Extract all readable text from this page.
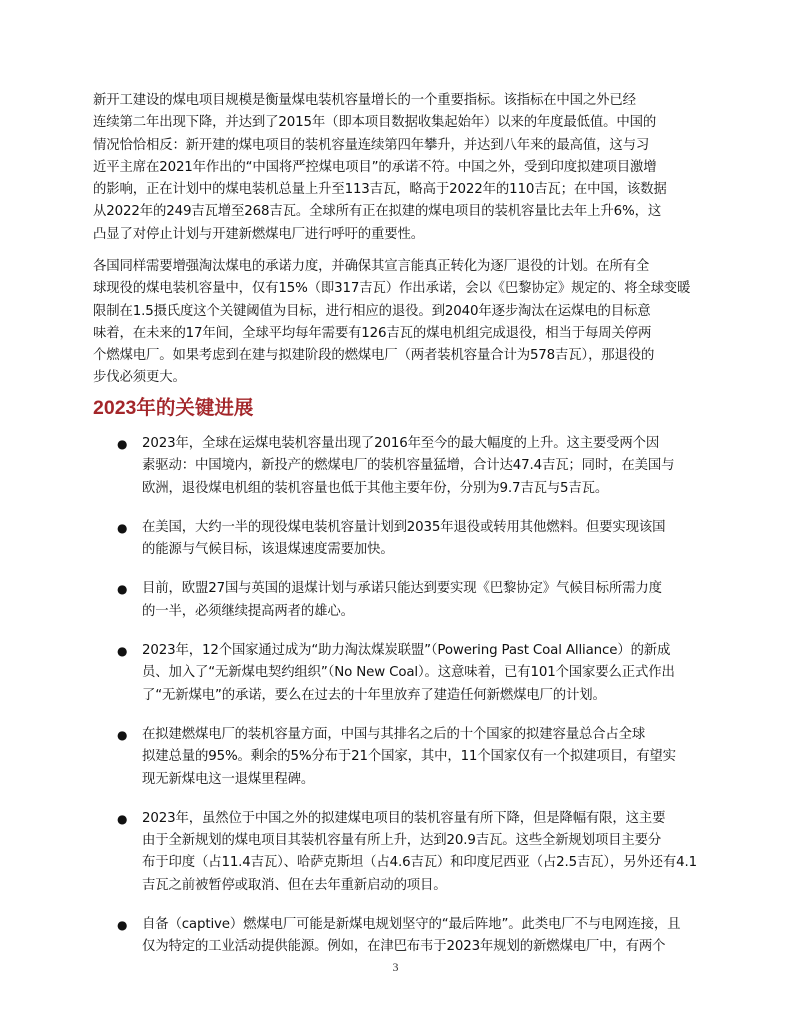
新开工建设的煤电项目规模是衡量煤电装机容量增长的一个重要指标。该指标在中国之外已经
连续第二年出现下降，并达到了2015年（即本项目数据收集起始年）以来的年度最低值。中国的
情况恰恰相反：新开建的煤电项目的装机容量连续第四年攀升，并达到八年来的最高值，这与习
近平主席在2021年作出的“中国将严控煤电项目”的承诺不符。中国之外，受到印度拟建项目激增
的影响，正在计划中的煤电装机总量上升至113吉瓦，略高于2022年的110吉瓦；在中国，该数据
从2022年的249吉瓦增至268吉瓦。全球所有正在拟建的煤电项目的装机容量比去年上升6%，这
凸显了对停止计划与开建新燃煤电厂进行呼吁的重要性。

各国同样需要增强淘汰煤电的承诺力度，并确保其宣言能真正转化为逐厂退役的计划。在所有全
球现役的煤电装机容量中，仅有15%（即317吉瓦）作出承诺，会以《巴黎协定》规定的、将全球变暖
限制在1.5摄氏度这个关键阈值为目标，进行相应的退役。到2040年逐步淘汰在运煤电的目标意
味着，在未来的17年间，全球平均每年需要有126吉瓦的煤电机组完成退役，相当于每周关停两
个燃煤电厂。如果考虑到在建与拟建阶段的燃煤电厂（两者装机容量合计为578吉瓦），那退役的
步伐必须更大。

2023年的关键进展
● 2023年，全球在运煤电装机容量出现了2016年至今的最大幅度的上升。这主要受两个因
素驱动：中国境内，新投产的燃煤电厂的装机容量猛增，合计达47.4吉瓦；同时，在美国与
欧洲，退役煤电机组的装机容量也低于其他主要年份，分别为9.7吉瓦与5吉瓦。
● 在美国，大约一半的现役煤电装机容量计划到2035年退役或转用其他燃料。但要实现该国
的能源与气候目标，该退煤速度需要加快。
● 目前，欧盟27国与英国的退煤计划与承诺只能达到要实现《巴黎协定》气候目标所需力度
的一半，必须继续提高两者的雄心。
● 2023年，12个国家通过成为“助力淘汰煤炭联盟”（Powering Past Coal Alliance）的新成
员、加入了“无新煤电契约组织”（No New Coal）。这意味着，已有101个国家要么正式作出
了“无新煤电”的承诺，要么在过去的十年里放弃了建造任何新燃煤电厂的计划。
● 在拟建燃煤电厂的装机容量方面，中国与其排名之后的十个国家的拟建容量总合占全球
拟建总量的95%。剩余的5%分布于21个国家，其中，11个国家仅有一个拟建项目，有望实
现无新煤电这一退煤里程碑。
● 2023年，虽然位于中国之外的拟建煤电项目的装机容量有所下降，但是降幅有限，这主要
由于全新规划的煤电项目其装机容量有所上升，达到20.9吉瓦。这些全新规划项目主要分
布于印度（占11.4吉瓦）、哈萨克斯坦（占4.6吉瓦）和印度尼西亚（占2.5吉瓦），另外还有4.1
吉瓦之前被暂停或取消、但在去年重新启动的项目。
● 自备（captive）燃煤电厂可能是新煤电规划坚守的“最后阵地”。此类电厂不与电网连接，且
仅为特定的工业活动提供能源。例如，在津巴布韦于2023年规划的新燃煤电厂中，有两个
3
